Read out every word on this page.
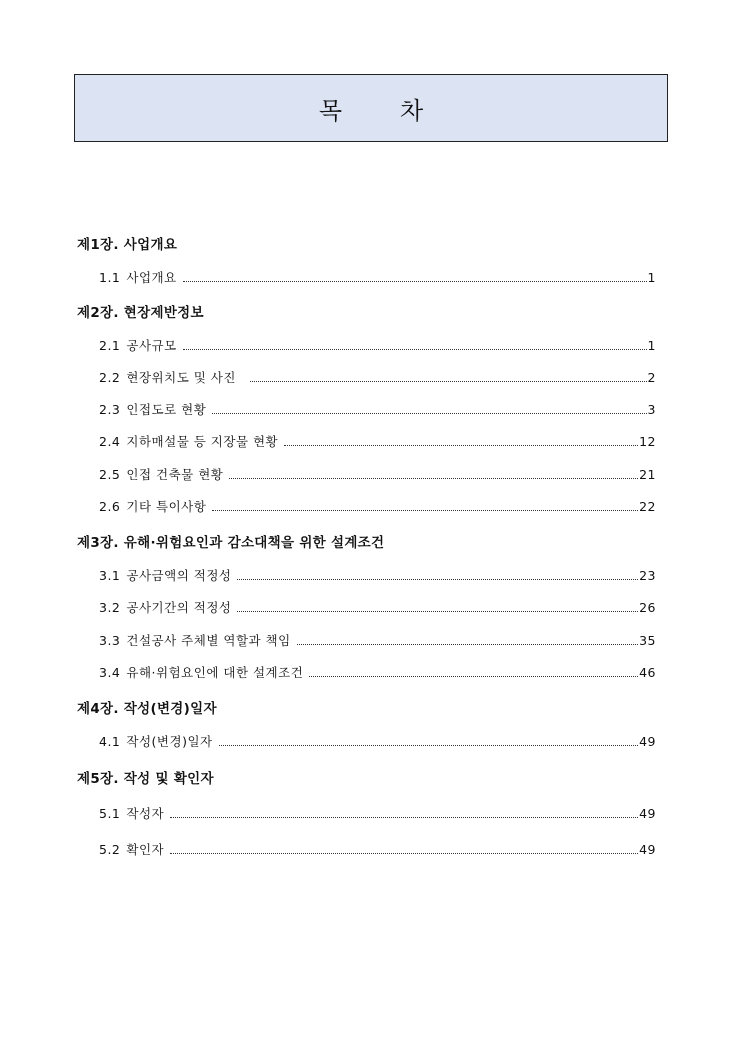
목 차
제1장. 사업개요
1.1 사업개요	1
제2장. 현장제반정보
2.1 공사규모	1
2.2 현장위치도 및 사진	2
2.3 인접도로 현황	3
2.4 지하매설물 등 지장물 현황	12
2.5 인접 건축물 현황	21
2.6 기타 특이사항	22
제3장. 유해·위험요인과 감소대책을 위한 설계조건
3.1 공사금액의 적정성	23
3.2 공사기간의 적정성	26
3.3 건설공사 주체별 역할과 책임	35
3.4 유해·위험요인에 대한 설계조건	46
제4장. 작성(변경)일자
4.1 작성(변경)일자	49
제5장. 작성 및 확인자
5.1 작성자	49
5.2 확인자	49
